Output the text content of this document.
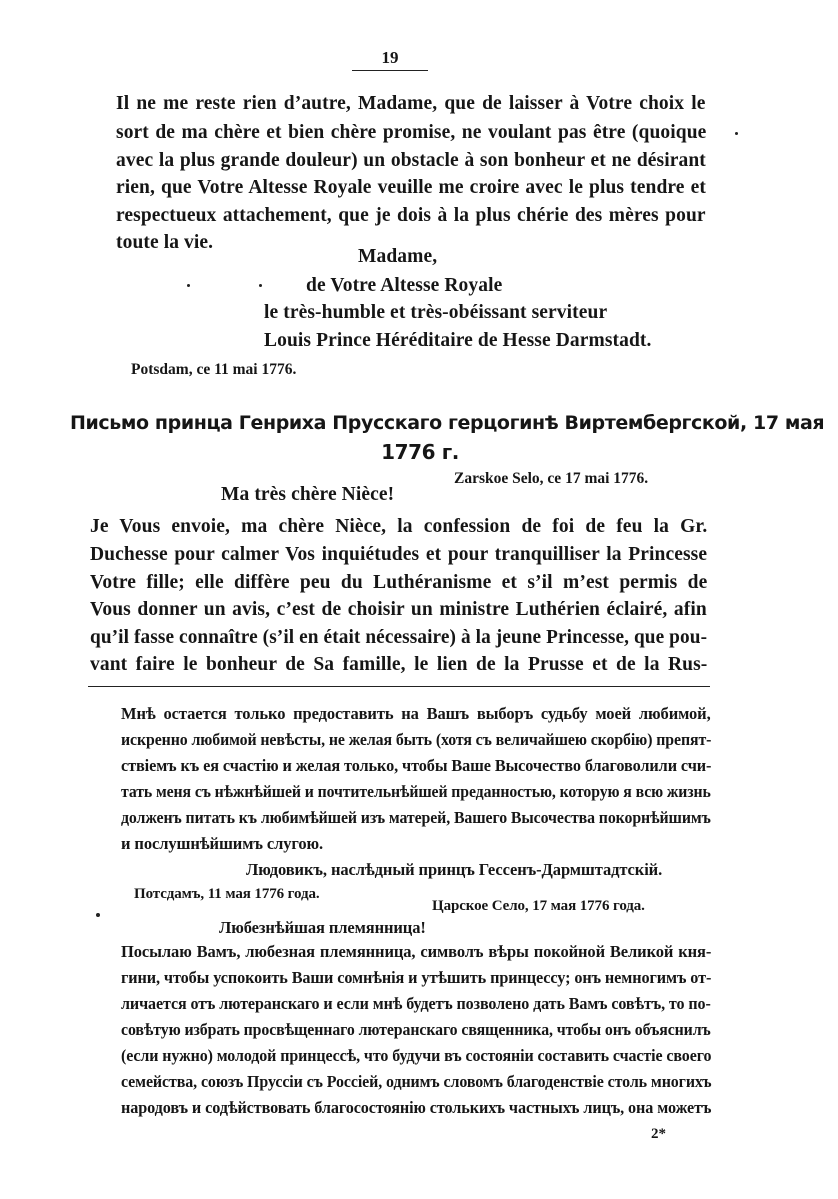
19
Il ne me reste rien d’autre, Madame, que de laisser à Votre choix le
sort de ma chère et bien chère promise, ne voulant pas être (quoique
avec la plus grande douleur) un obstacle à son bonheur et ne désirant
rien, que Votre Altesse Royale veuille me croire avec le plus tendre et
respectueux attachement, que je dois à la plus chérie des mères pour
toute la vie.
Madame,
de Votre Altesse Royale
le très-humble et très-obéissant serviteur
Louis Prince Héréditaire de Hesse Darmstadt.
Potsdam, ce 11 mai 1776.
Письмо принца Генриха Прусскаго герцогинѣ Виртембергской, 17 мая
1776 г.
Zarskoe Selo, ce 17 mai 1776.
Ma très chère Nièce!
Je Vous envoie, ma chère Nièce, la confession de foi de feu la Gr.
Duchesse pour calmer Vos inquiétudes et pour tranquilliser la Princesse
Votre fille; elle diffère peu du Luthéranisme et s’il m’est permis de
Vous donner un avis, c’est de choisir un ministre Luthérien éclairé, afin
qu’il fasse connaître (s’il en était nécessaire) à la jeune Princesse, que pou-
vant faire le bonheur de Sa famille, le lien de la Prusse et de la Rus-
Мнѣ остается только предоставить на Вашъ выборъ судьбу моей любимой,
искренно любимой невѣсты, не желая быть (хотя съ величайшею скорбію) препят-
ствіемъ къ ея счастію и желая только, чтобы Ваше Высочество благоволили счи-
тать меня съ нѣжнѣйшей и почтительнѣйшей преданностью, которую я всю жизнь
долженъ питать къ любимѣйшей изъ матерей, Вашего Высочества покорнѣйшимъ
и послушнѣйшимъ слугою.
Людовикъ, наслѣдный принцъ Гессенъ-Дармштадтскій.
Потсдамъ, 11 мая 1776 года.
Царское Село, 17 мая 1776 года.
Любезнѣйшая племянница!
Посылаю Вамъ, любезная племянница, символъ вѣры покойной Великой кня-
гини, чтобы успокоить Ваши сомнѣнія и утѣшить принцессу; онъ немногимъ от-
личается отъ лютеранскаго и если мнѣ будетъ позволено дать Вамъ совѣтъ, то по-
совѣтую избрать просвѣщеннаго лютеранскаго священника, чтобы онъ объяснилъ
(если нужно) молодой принцессѣ, что будучи въ состояніи составить счастіе своего
семейства, союзъ Пруссіи съ Россіей, однимъ словомъ благоденствіе столь многихъ
народовъ и содѣйствовать благосостоянію столькихъ частныхъ лицъ, она можетъ
2*
